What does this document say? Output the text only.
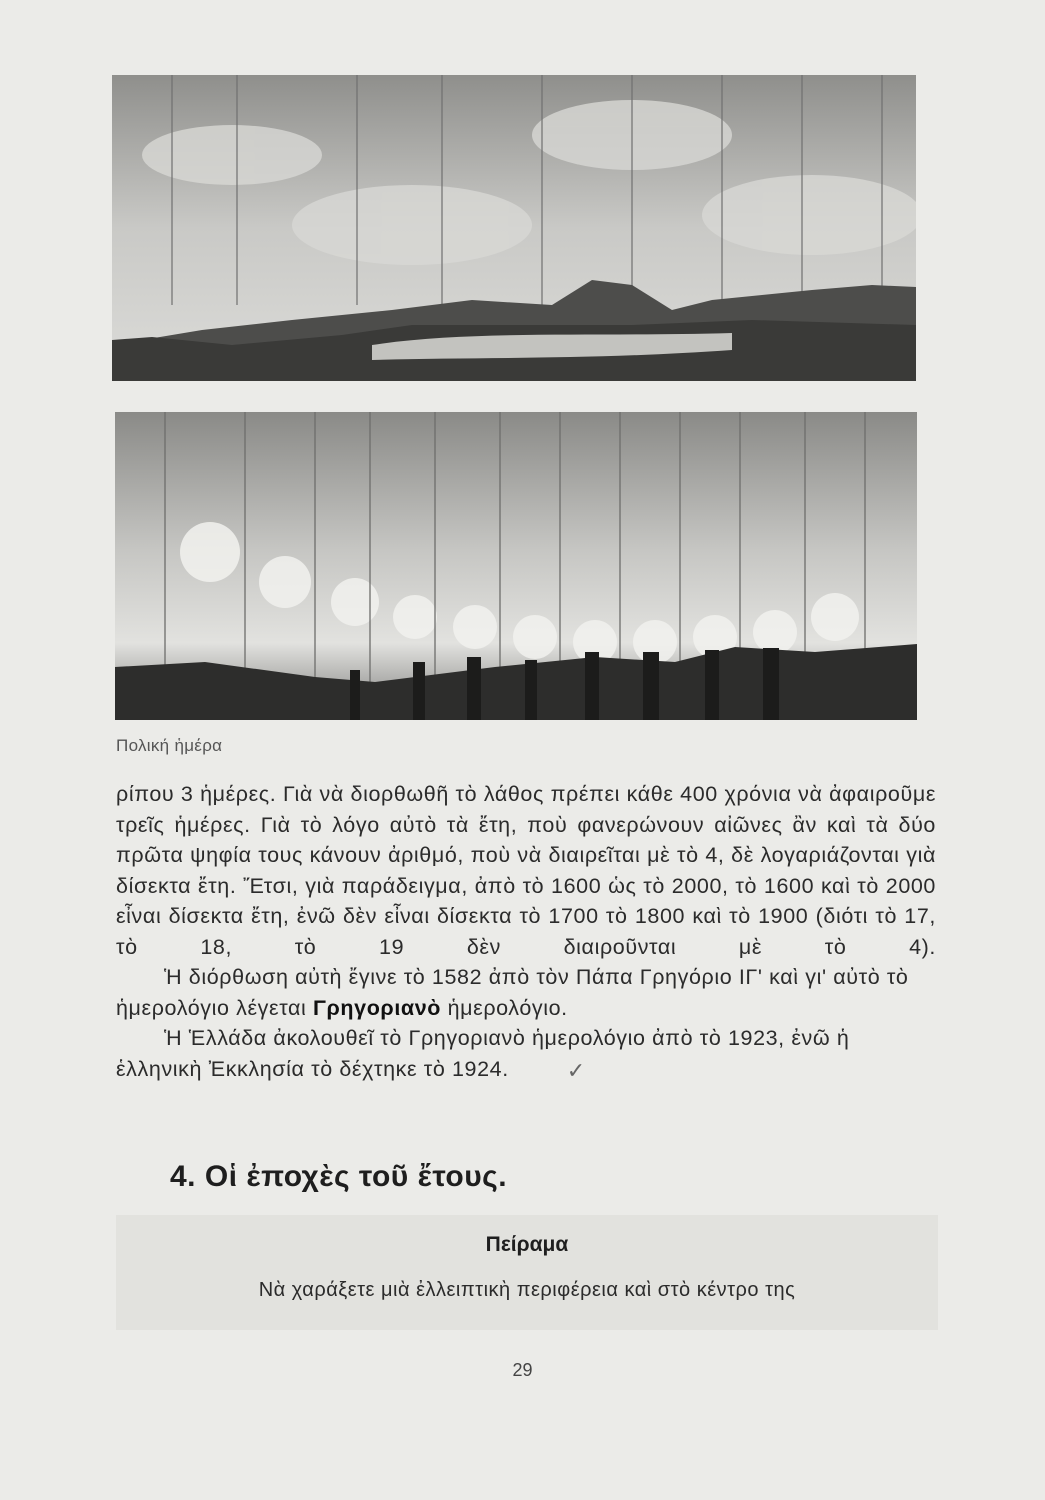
Πολική ἡμέρα

ρίπου 3 ἡμέρες. Γιὰ νὰ διορθωθῆ τὸ λάθος πρέπει κάθε 400 χρόνια νὰ ἀφαιροῦμε τρεῖς ἡμέρες. Γιὰ τὸ λόγο αὐτὸ τὰ ἔτη, ποὺ φανερώνουν αἰῶνες ἂν καὶ τὰ δύο πρῶτα ψηφία τους κάνουν ἀριθμό, ποὺ νὰ διαιρεῖται μὲ τὸ 4, δὲ λογαριάζονται γιὰ δίσεκτα ἔτη. Ἔτσι, γιὰ παράδειγμα, ἀπὸ τὸ 1600 ὡς τὸ 2000, τὸ 1600 καὶ τὸ 2000 εἶναι δίσεκτα ἔτη, ἐνῶ δὲν εἶναι δίσεκτα τὸ 1700 τὸ 1800 καὶ τὸ 1900 (διότι τὸ 17, τὸ 18, τὸ 19 δὲν διαιροῦνται μὲ τὸ 4).

Ἡ διόρθωση αὐτὴ ἔγινε τὸ 1582 ἀπὸ τὸν Πάπα Γρηγόριο ΙΓ' καὶ γι' αὐτὸ τὸ ἡμερολόγιο λέγεται Γρηγοριανὸ ἡμερολόγιο.

Ἡ Ἑλλάδα ἀκολουθεῖ τὸ Γρηγοριανὸ ἡμερολόγιο ἀπὸ τὸ 1923, ἐνῶ ἡ ἑλληνικὴ Ἐκκλησία τὸ δέχτηκε τὸ 1924.	✓

4. Οἱ ἐποχὲς τοῦ ἔτους.
Πείραμα
Νὰ χαράξετε μιὰ ἐλλειπτικὴ περιφέρεια καὶ στὸ κέντρο της
29
